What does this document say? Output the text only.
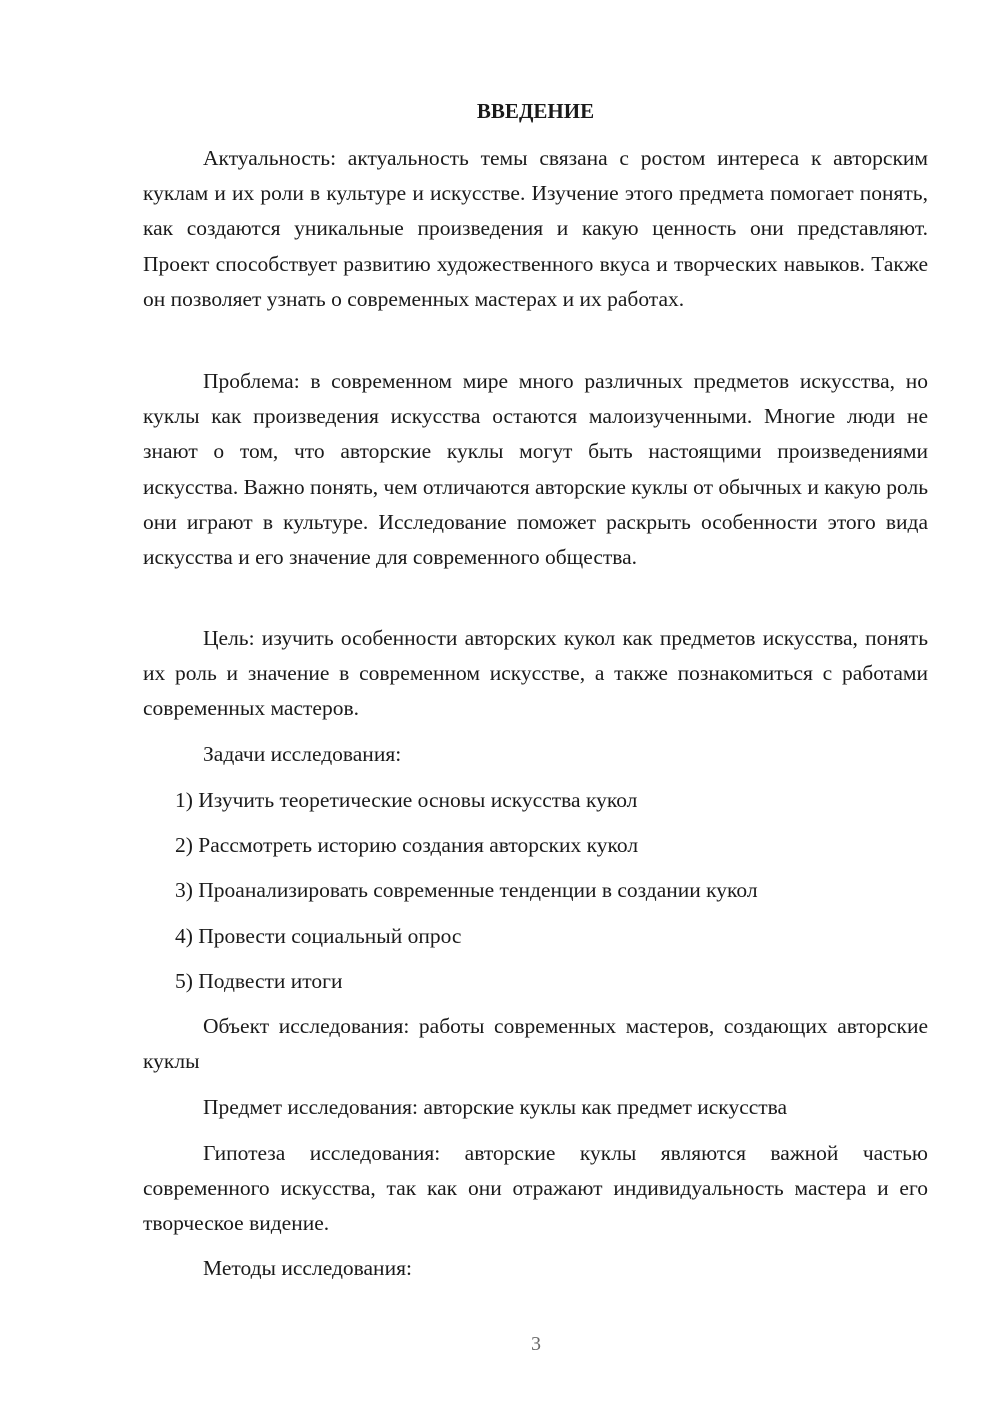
ВВЕДЕНИЕ

Актуальность: актуальность темы связана с ростом интереса к авторским куклам и их роли в культуре и искусстве. Изучение этого предмета помогает понять, как создаются уникальные произведения и какую ценность они представляют. Проект способствует развитию художественного вкуса и творческих навыков. Также он позволяет узнать о современных мастерах и их работах.

Проблема: в современном мире много различных предметов искусства, но куклы как произведения искусства остаются малоизученными. Многие люди не знают о том, что авторские куклы могут быть настоящими произведениями искусства. Важно понять, чем отличаются авторские куклы от обычных и какую роль они играют в культуре. Исследование поможет раскрыть особенности этого вида искусства и его значение для современного общества.

Цель: изучить особенности авторских кукол как предметов искусства, понять их роль и значение в современном искусстве, а также познакомиться с работами современных мастеров.

Задачи исследования:

1) Изучить теоретические основы искусства кукол

2) Рассмотреть историю создания авторских кукол

3) Проанализировать современные тенденции в создании кукол

4) Провести социальный опрос

5) Подвести итоги

Объект исследования: работы современных мастеров, создающих авторские куклы

Предмет исследования: авторские куклы как предмет искусства

Гипотеза исследования: авторские куклы являются важной частью современного искусства, так как они отражают индивидуальность мастера и его творческое видение.

Методы исследования:

3
